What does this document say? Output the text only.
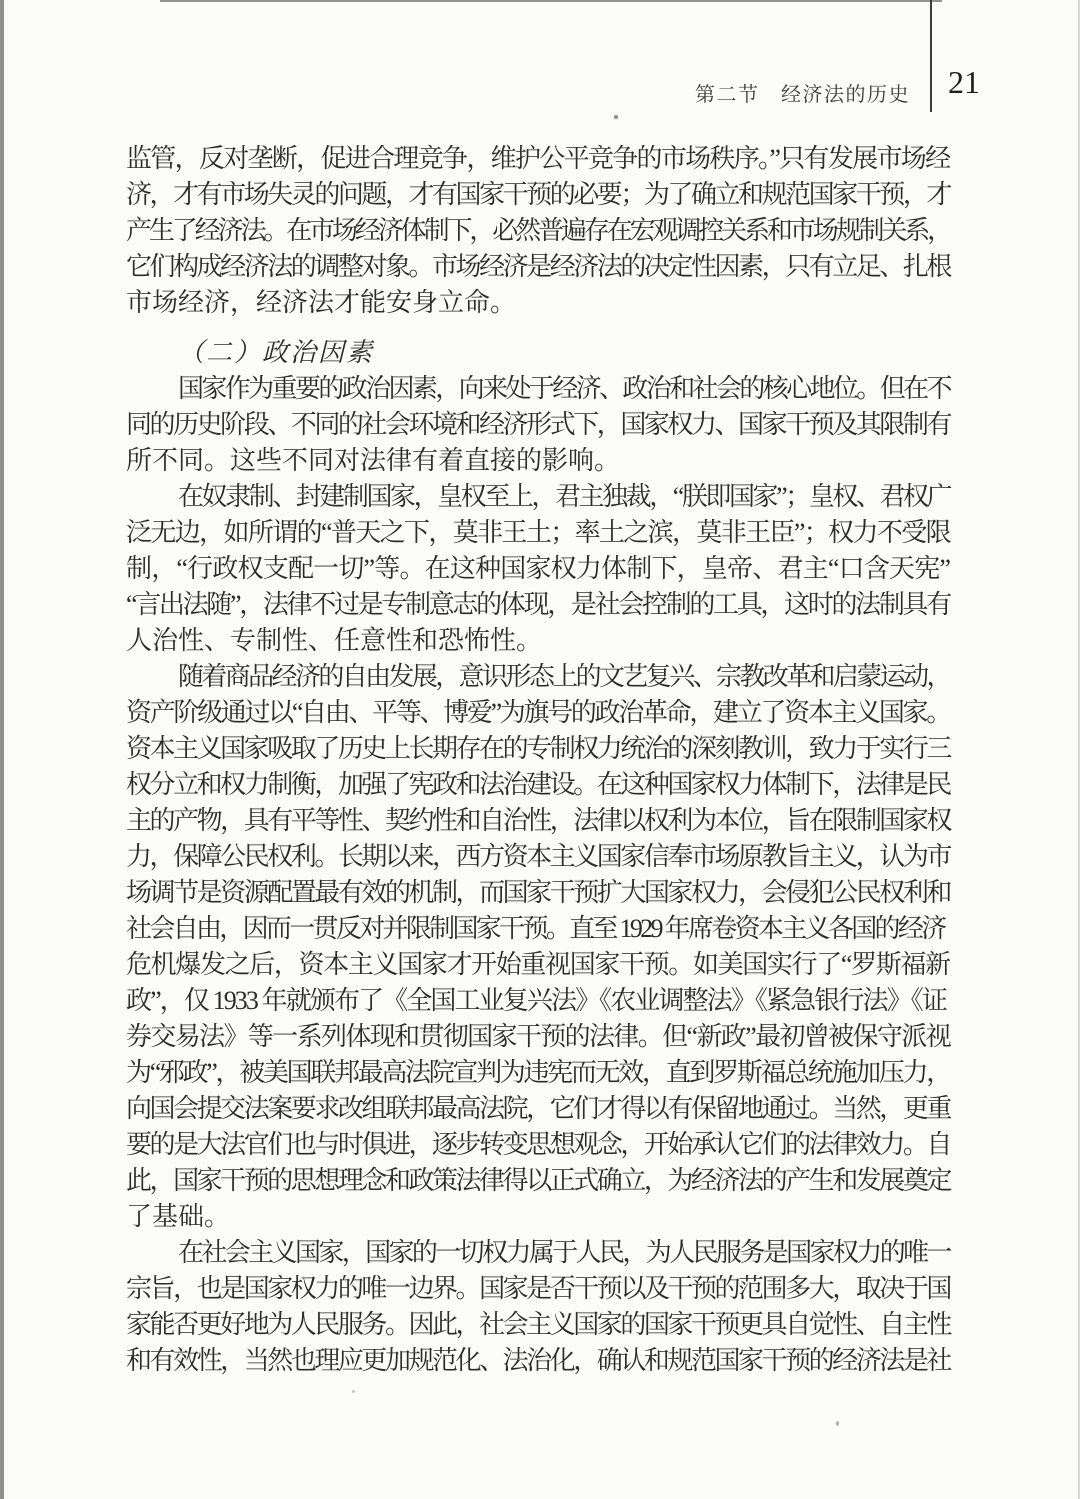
第二节　经济法的历史 21
监管，反对垄断，促进合理竞争，维护公平竞争的市场秩序。”只有发展市场经
济，才有市场失灵的问题，才有国家干预的必要；为了确立和规范国家干预，才
产生了经济法。在市场经济体制下，必然普遍存在宏观调控关系和市场规制关系，
它们构成经济法的调整对象。市场经济是经济法的决定性因素，只有立足、扎根
市场经济，经济法才能安身立命。
（二）政治因素
国家作为重要的政治因素，向来处于经济、政治和社会的核心地位。但在不
同的历史阶段、不同的社会环境和经济形式下，国家权力、国家干预及其限制有
所不同。这些不同对法律有着直接的影响。
在奴隶制、封建制国家，皇权至上，君主独裁，“朕即国家”；皇权、君权广
泛无边，如所谓的“普天之下，莫非王土；率土之滨，莫非王臣”；权力不受限
制，“行政权支配一切”等。在这种国家权力体制下，皇帝、君主“口含天宪”
“言出法随”，法律不过是专制意志的体现，是社会控制的工具，这时的法制具有
人治性、专制性、任意性和恐怖性。
随着商品经济的自由发展，意识形态上的文艺复兴、宗教改革和启蒙运动，
资产阶级通过以“自由、平等、博爱”为旗号的政治革命，建立了资本主义国家。
资本主义国家吸取了历史上长期存在的专制权力统治的深刻教训，致力于实行三
权分立和权力制衡，加强了宪政和法治建设。在这种国家权力体制下，法律是民
主的产物，具有平等性、契约性和自治性，法律以权利为本位，旨在限制国家权
力，保障公民权利。长期以来，西方资本主义国家信奉市场原教旨主义，认为市
场调节是资源配置最有效的机制，而国家干预扩大国家权力，会侵犯公民权利和
社会自由，因而一贯反对并限制国家干预。直至 1929 年席卷资本主义各国的经济
危机爆发之后，资本主义国家才开始重视国家干预。如美国实行了“罗斯福新
政”，仅 1933 年就颁布了《全国工业复兴法》《农业调整法》《紧急银行法》《证
券交易法》等一系列体现和贯彻国家干预的法律。但“新政”最初曾被保守派视
为“邪政”，被美国联邦最高法院宣判为违宪而无效，直到罗斯福总统施加压力，
向国会提交法案要求改组联邦最高法院，它们才得以有保留地通过。当然，更重
要的是大法官们也与时俱进，逐步转变思想观念，开始承认它们的法律效力。自
此，国家干预的思想理念和政策法律得以正式确立，为经济法的产生和发展奠定
了基础。
在社会主义国家，国家的一切权力属于人民，为人民服务是国家权力的唯一
宗旨，也是国家权力的唯一边界。国家是否干预以及干预的范围多大，取决于国
家能否更好地为人民服务。因此，社会主义国家的国家干预更具自觉性、自主性
和有效性，当然也理应更加规范化、法治化，确认和规范国家干预的经济法是社
